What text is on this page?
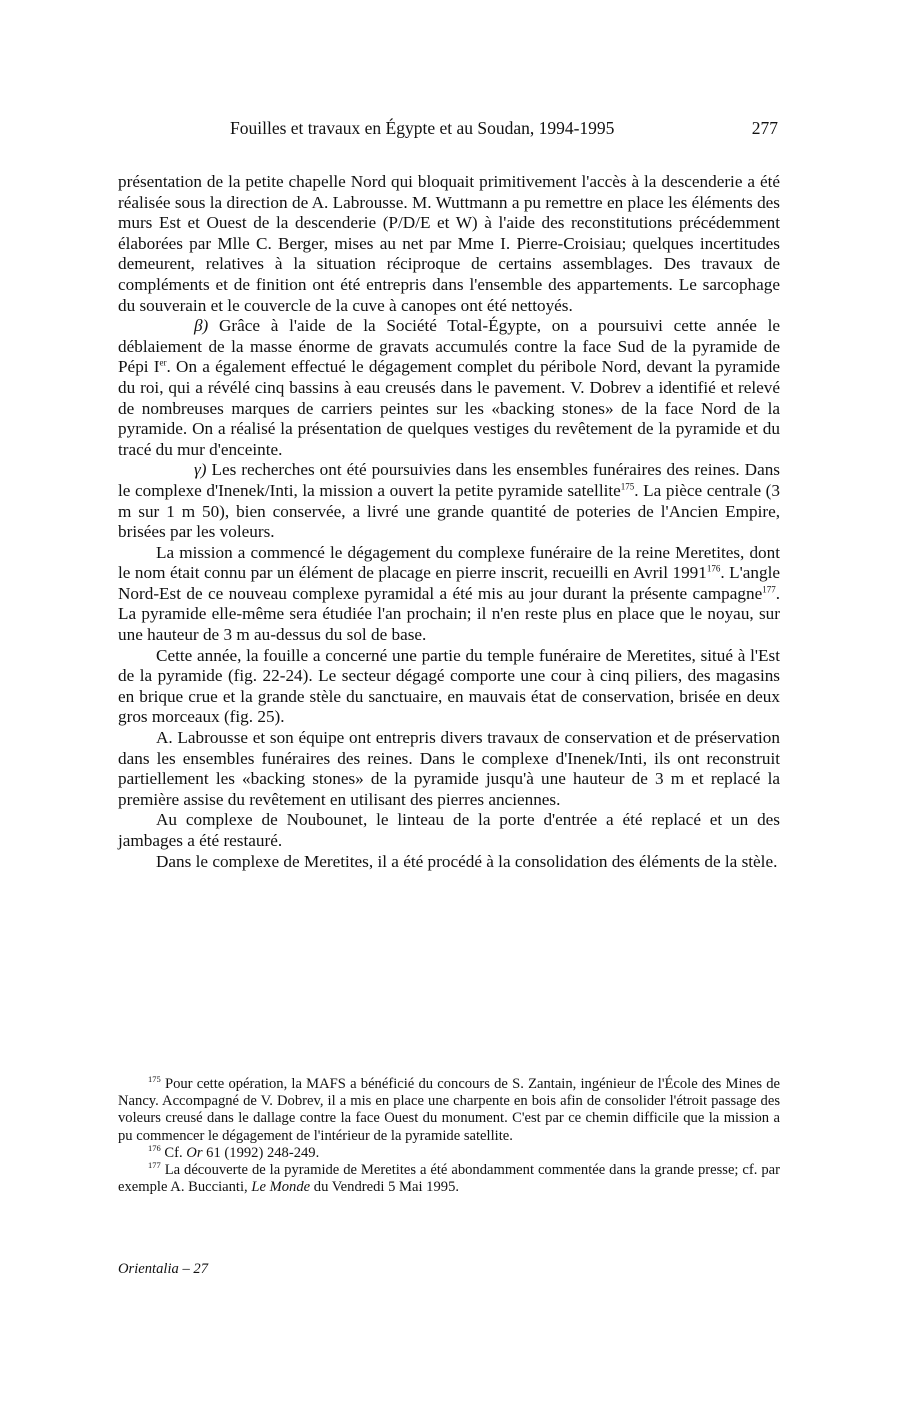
Fouilles et travaux en Égypte et au Soudan, 1994-1995	277

présentation de la petite chapelle Nord qui bloquait primitivement l'accès à la descenderie a été réalisée sous la direction de A. Labrousse. M. Wuttmann a pu remettre en place les éléments des murs Est et Ouest de la descenderie (P/D/E et W) à l'aide des reconstitutions précédemment élaborées par Mlle C. Berger, mises au net par Mme I. Pierre-Croisiau; quelques incertitudes demeurent, relatives à la situation réciproque de certains assemblages. Des travaux de compléments et de finition ont été entrepris dans l'ensemble des appartements. Le sarcophage du souverain et le couvercle de la cuve à canopes ont été nettoyés.

β) Grâce à l'aide de la Société Total-Égypte, on a poursuivi cette année le déblaiement de la masse énorme de gravats accumulés contre la face Sud de la pyramide de Pépi Ier. On a également effectué le dégagement complet du péribole Nord, devant la pyramide du roi, qui a révélé cinq bassins à eau creusés dans le pavement. V. Dobrev a identifié et relevé de nombreuses marques de carriers peintes sur les «backing stones» de la face Nord de la pyramide. On a réalisé la présentation de quelques vestiges du revêtement de la pyramide et du tracé du mur d'enceinte.

γ) Les recherches ont été poursuivies dans les ensembles funéraires des reines. Dans le complexe d'Inenek/Inti, la mission a ouvert la petite pyramide satellite$^{175}$. La pièce centrale (3 m sur 1 m 50), bien conservée, a livré une grande quantité de poteries de l'Ancien Empire, brisées par les voleurs.

La mission a commencé le dégagement du complexe funéraire de la reine Meretites, dont le nom était connu par un élément de placage en pierre inscrit, recueilli en Avril 1991$^{176}$. L'angle Nord-Est de ce nouveau complexe pyramidal a été mis au jour durant la présente campagne$^{177}$. La pyramide elle-même sera étudiée l'an prochain; il n'en reste plus en place que le noyau, sur une hauteur de 3 m au-dessus du sol de base.

Cette année, la fouille a concerné une partie du temple funéraire de Meretites, situé à l'Est de la pyramide (fig. 22-24). Le secteur dégagé comporte une cour à cinq piliers, des magasins en brique crue et la grande stèle du sanctuaire, en mauvais état de conservation, brisée en deux gros morceaux (fig. 25).

A. Labrousse et son équipe ont entrepris divers travaux de conservation et de préservation dans les ensembles funéraires des reines. Dans le complexe d'Inenek/Inti, ils ont reconstruit partiellement les «backing stones» de la pyramide jusqu'à une hauteur de 3 m et replacé la première assise du revêtement en utilisant des pierres anciennes.

Au complexe de Noubounet, le linteau de la porte d'entrée a été replacé et un des jambages a été restauré.

Dans le complexe de Meretites, il a été procédé à la consolidation des éléments de la stèle.

$^{175}$ Pour cette opération, la MAFS a bénéficié du concours de S. Zantain, ingénieur de l'École des Mines de Nancy. Accompagné de V. Dobrev, il a mis en place une charpente en bois afin de consolider l'étroit passage des voleurs creusé dans le dallage contre la face Ouest du monument. C'est par ce chemin difficile que la mission a pu commencer le dégagement de l'intérieur de la pyramide satellite.

$^{176}$ Cf. Or 61 (1992) 248-249.

$^{177}$ La découverte de la pyramide de Meretites a été abondamment commentée dans la grande presse; cf. par exemple A. Buccianti, Le Monde du Vendredi 5 Mai 1995.

Orientalia – 27
